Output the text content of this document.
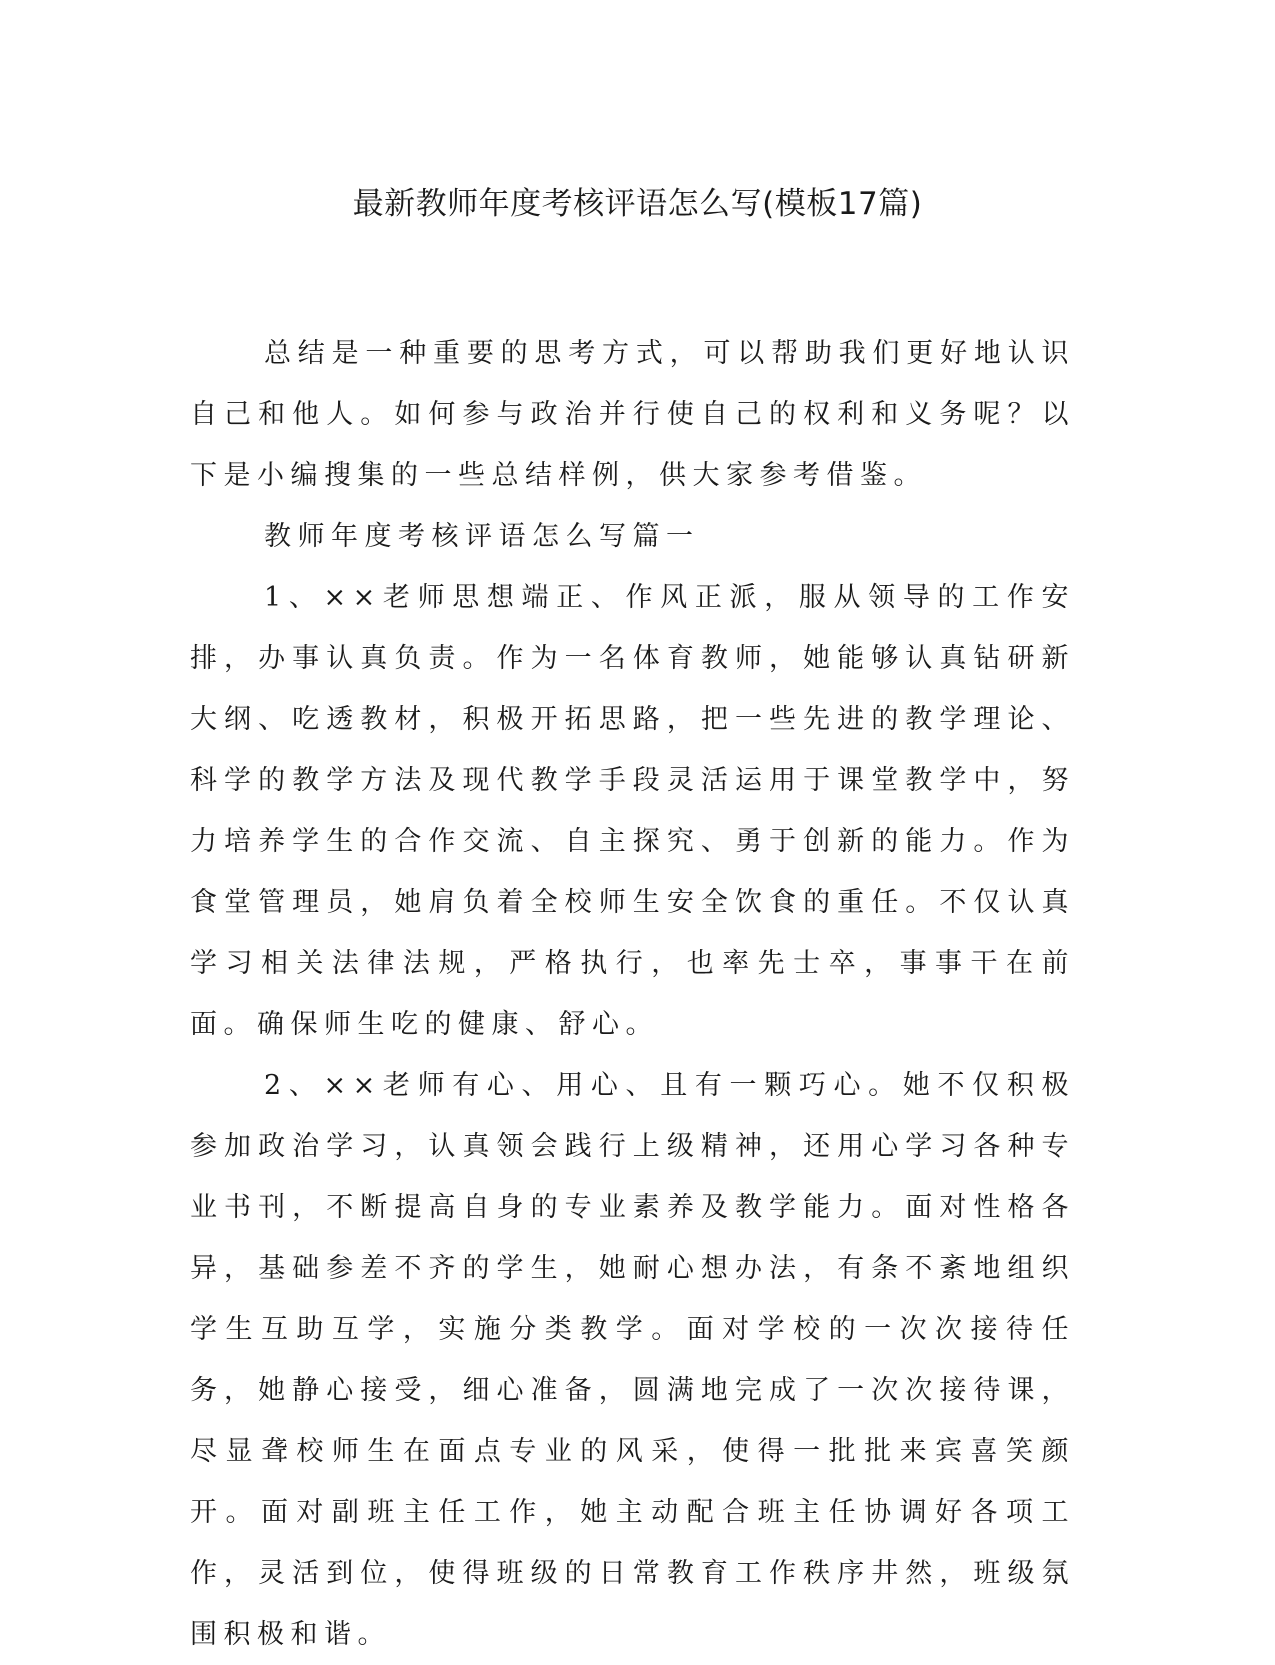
最新教师年度考核评语怎么写(模板17篇)

总结是一种重要的思考方式，可以帮助我们更好地认识自己和他人。如何参与政治并行使自己的权利和义务呢？以下是小编搜集的一些总结样例，供大家参考借鉴。

教师年度考核评语怎么写篇一

1、××老师思想端正、作风正派，服从领导的工作安排，办事认真负责。作为一名体育教师，她能够认真钻研新大纲、吃透教材，积极开拓思路，把一些先进的教学理论、科学的教学方法及现代教学手段灵活运用于课堂教学中，努力培养学生的合作交流、自主探究、勇于创新的能力。作为食堂管理员，她肩负着全校师生安全饮食的重任。不仅认真学习相关法律法规，严格执行，也率先士卒，事事干在前面。确保师生吃的健康、舒心。

2、××老师有心、用心、且有一颗巧心。她不仅积极参加政治学习，认真领会践行上级精神，还用心学习各种专业书刊，不断提高自身的专业素养及教学能力。面对性格各异，基础参差不齐的学生，她耐心想办法，有条不紊地组织学生互助互学，实施分类教学。面对学校的一次次接待任务，她静心接受，细心准备，圆满地完成了一次次接待课，尽显聋校师生在面点专业的风采，使得一批批来宾喜笑颜开。面对副班主任工作，她主动配合班主任协调好各项工作，灵活到位，使得班级的日常教育工作秩序井然，班级氛围积极和谐。
